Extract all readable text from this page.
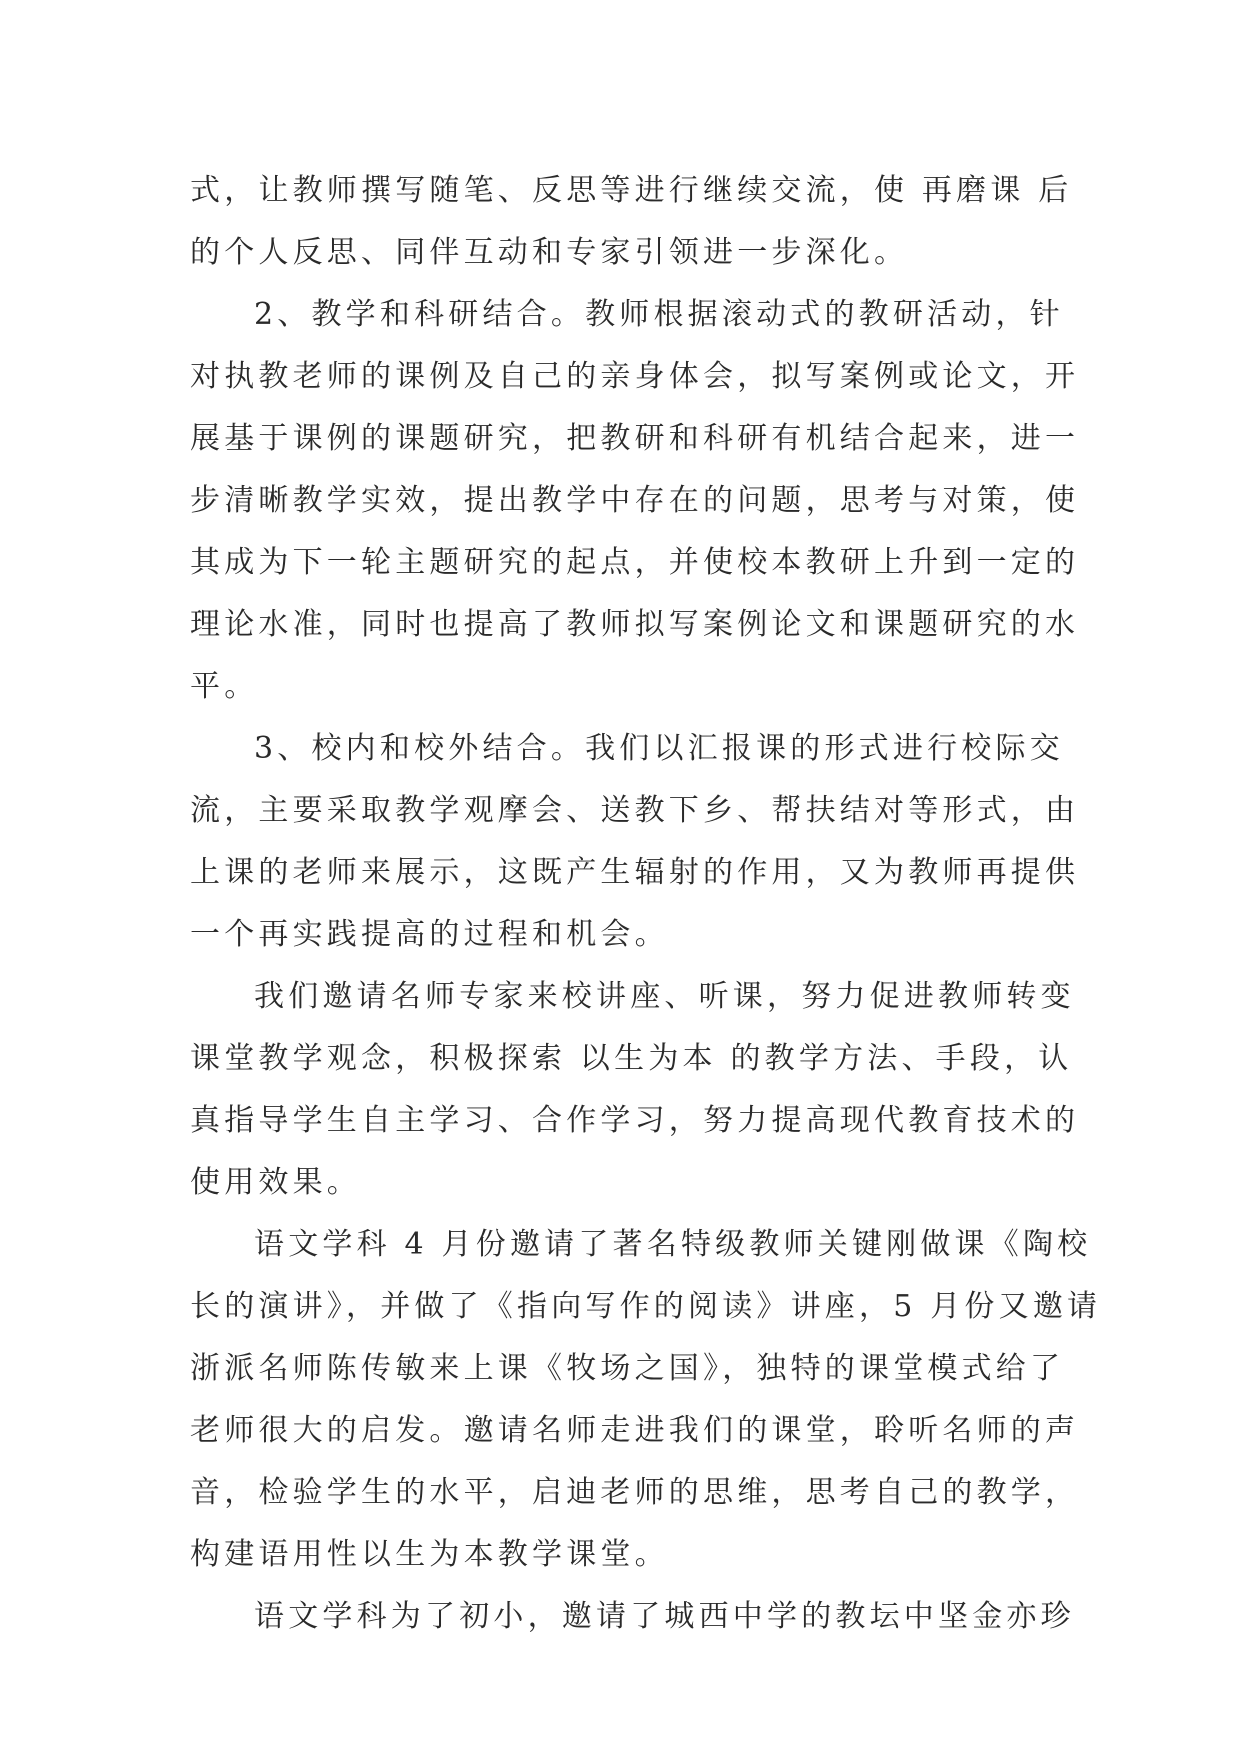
式，让教师撰写随笔、反思等进行继续交流，使 再磨课 后
的个人反思、同伴互动和专家引领进一步深化。
2、教学和科研结合。教师根据滚动式的教研活动，针
对执教老师的课例及自己的亲身体会，拟写案例或论文，开
展基于课例的课题研究，把教研和科研有机结合起来，进一
步清晰教学实效，提出教学中存在的问题，思考与对策，使
其成为下一轮主题研究的起点，并使校本教研上升到一定的
理论水准，同时也提高了教师拟写案例论文和课题研究的水
平。
3、校内和校外结合。我们以汇报课的形式进行校际交
流，主要采取教学观摩会、送教下乡、帮扶结对等形式，由
上课的老师来展示，这既产生辐射的作用，又为教师再提供
一个再实践提高的过程和机会。
我们邀请名师专家来校讲座、听课，努力促进教师转变
课堂教学观念，积极探索 以生为本 的教学方法、手段，认
真指导学生自主学习、合作学习，努力提高现代教育技术的
使用效果。
语文学科 4 月份邀请了著名特级教师关键刚做课《陶校
长的演讲》，并做了《指向写作的阅读》讲座，5 月份又邀请
浙派名师陈传敏来上课《牧场之国》，独特的课堂模式给了
老师很大的启发。邀请名师走进我们的课堂，聆听名师的声
音，检验学生的水平，启迪老师的思维，思考自己的教学，
构建语用性以生为本教学课堂。
语文学科为了初小，邀请了城西中学的教坛中坚金亦珍
